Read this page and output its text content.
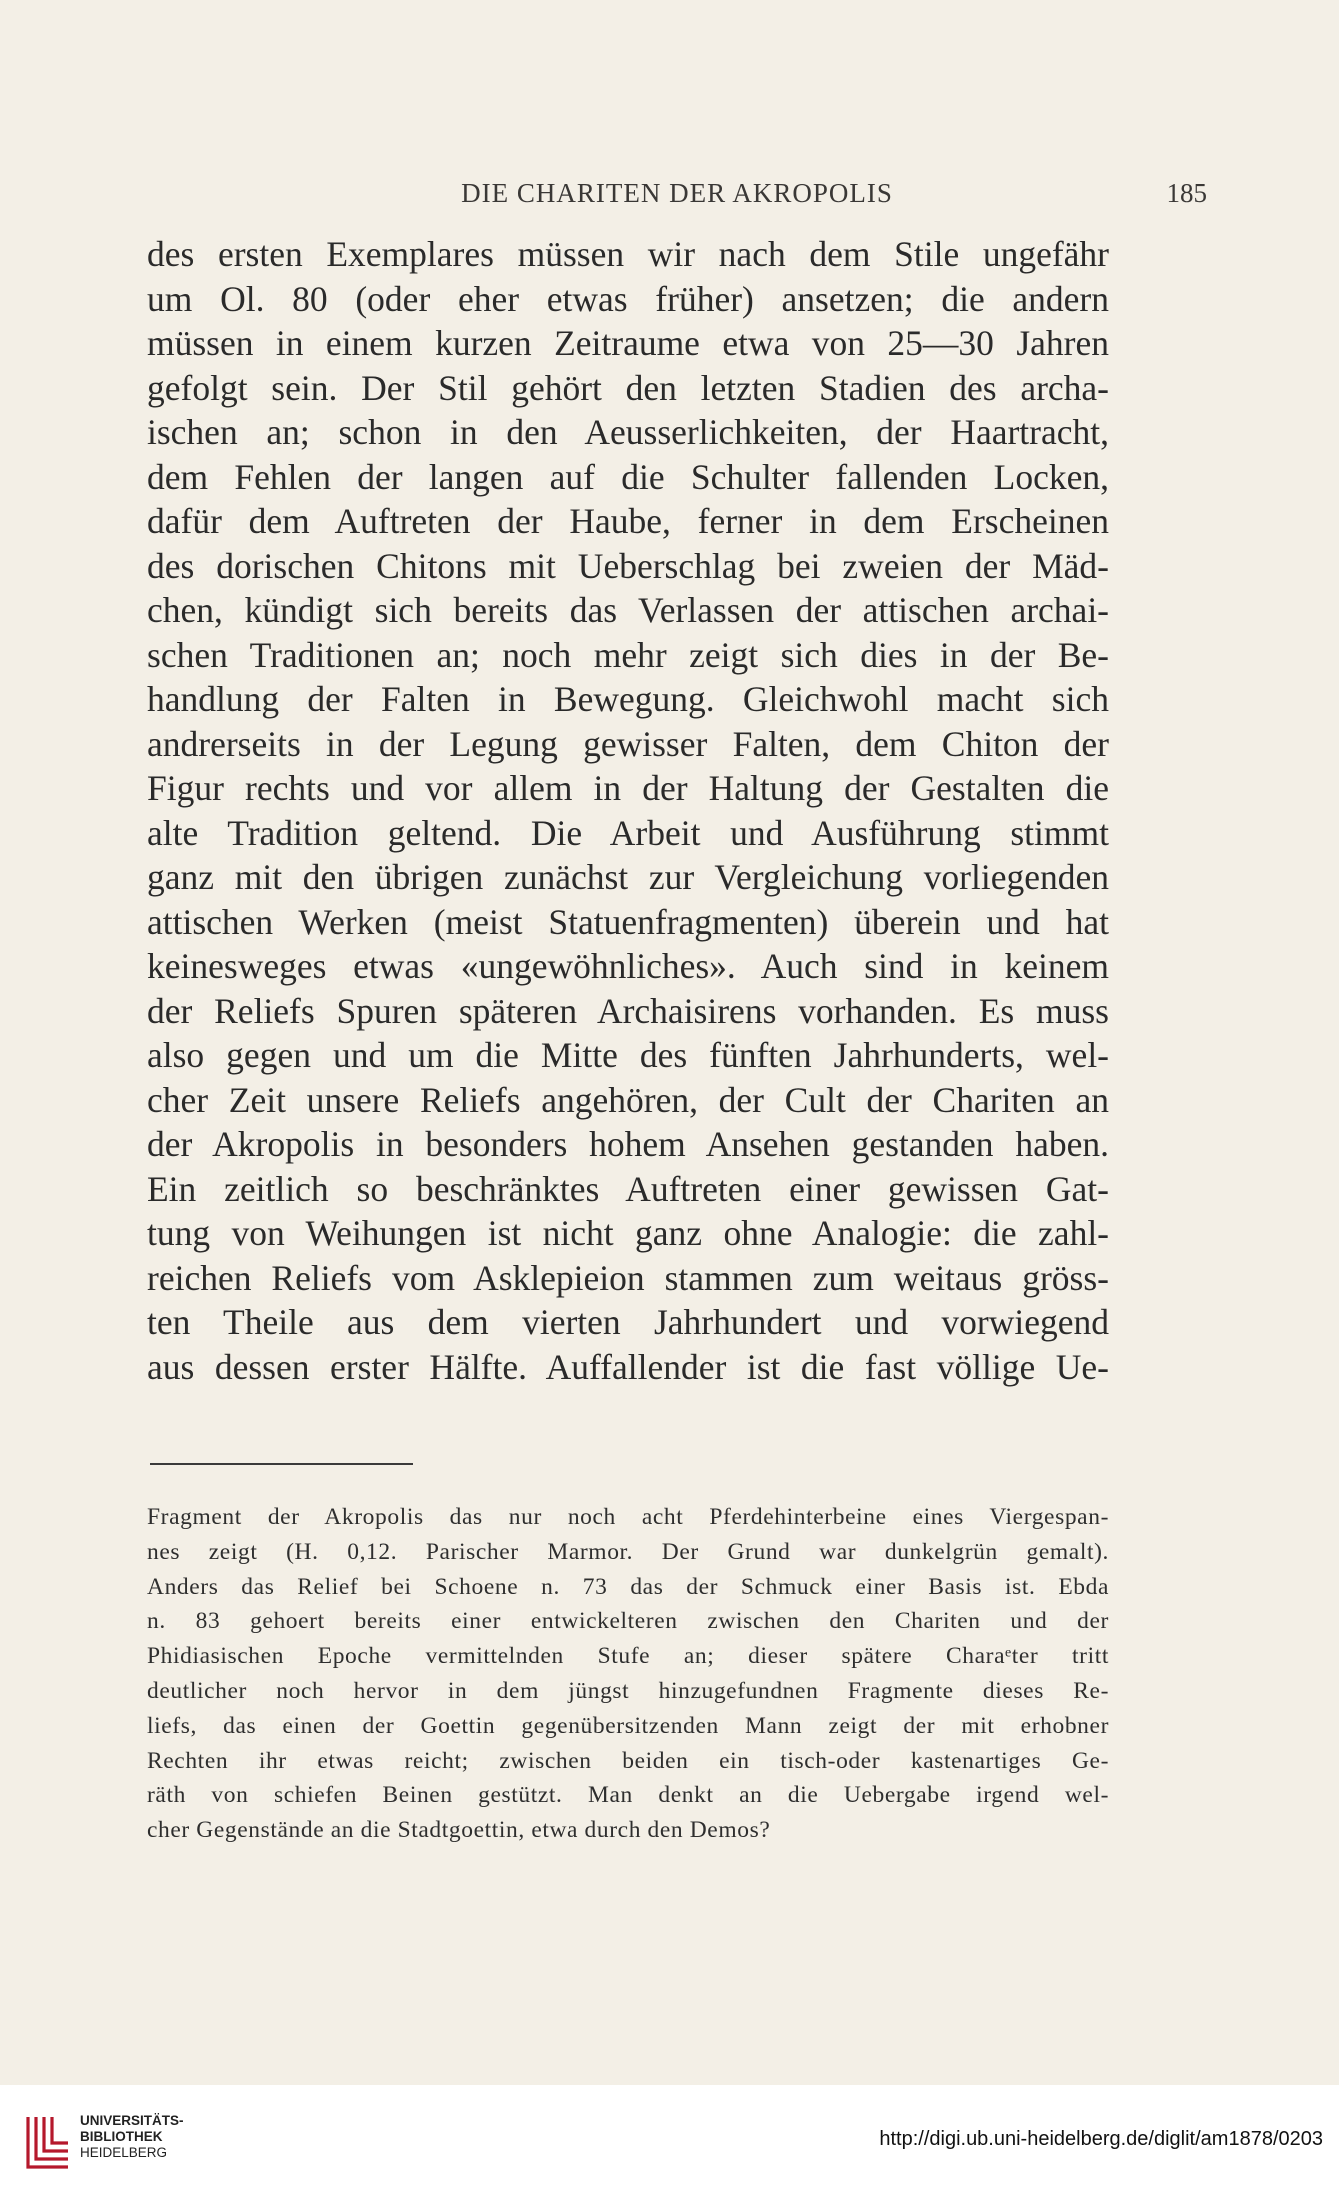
DIE CHARITEN DER AKROPOLIS	185
des ersten Exemplares müssen wir nach dem Stile ungefähr
um Ol. 80 (oder eher etwas früher) ansetzen; die andern
müssen in einem kurzen Zeitraume etwa von 25—30 Jahren
gefolgt sein. Der Stil gehört den letzten Stadien des archa-
ischen an; schon in den Aeusserlichkeiten, der Haartracht,
dem Fehlen der langen auf die Schulter fallenden Locken,
dafür dem Auftreten der Haube, ferner in dem Erscheinen
des dorischen Chitons mit Ueberschlag bei zweien der Mäd-
chen, kündigt sich bereits das Verlassen der attischen archai-
schen Traditionen an; noch mehr zeigt sich dies in der Be-
handlung der Falten in Bewegung. Gleichwohl macht sich
andrerseits in der Legung gewisser Falten, dem Chiton der
Figur rechts und vor allem in der Haltung der Gestalten die
alte Tradition geltend. Die Arbeit und Ausführung stimmt
ganz mit den übrigen zunächst zur Vergleichung vorliegenden
attischen Werken (meist Statuenfragmenten) überein und hat
keinesweges etwas «ungewöhnliches». Auch sind in keinem
der Reliefs Spuren späteren Archaisirens vorhanden. Es muss
also gegen und um die Mitte des fünften Jahrhunderts, wel-
cher Zeit unsere Reliefs angehören, der Cult der Chariten an
der Akropolis in besonders hohem Ansehen gestanden haben.
Ein zeitlich so beschränktes Auftreten einer gewissen Gat-
tung von Weihungen ist nicht ganz ohne Analogie: die zahl-
reichen Reliefs vom Asklepieion stammen zum weitaus gröss-
ten Theile aus dem vierten Jahrhundert und vorwiegend
aus dessen erster Hälfte. Auffallender ist die fast völlige Ue-
Fragment der Akropolis das nur noch acht Pferdehinterbeine eines Viergespan-
nes zeigt (H. 0,12. Parischer Marmor. Der Grund war dunkelgrün gemalt).
Anders das Relief bei Schoene n. 73 das der Schmuck einer Basis ist. Ebda
n. 83 gehoert bereits einer entwickelteren zwischen den Chariten und der
Phidiasischen Epoche vermittelnden Stufe an; dieser spätere Charaᵉter tritt
deutlicher noch hervor in dem jüngst hinzugefundnen Fragmente dieses Re-
liefs, das einen der Goettin gegenübersitzenden Mann zeigt der mit erhobner
Rechten ihr etwas reicht; zwischen beiden ein tisch-oder kastenartiges Ge-
räth von schiefen Beinen gestützt. Man denkt an die Uebergabe irgend wel-
cher Gegenstände an die Stadtgoettin, etwa durch den Demos?
UNIVERSITÄTS-
BIBLIOTHEK
HEIDELBERG
http://digi.ub.uni-heidelberg.de/diglit/am1878/0203
